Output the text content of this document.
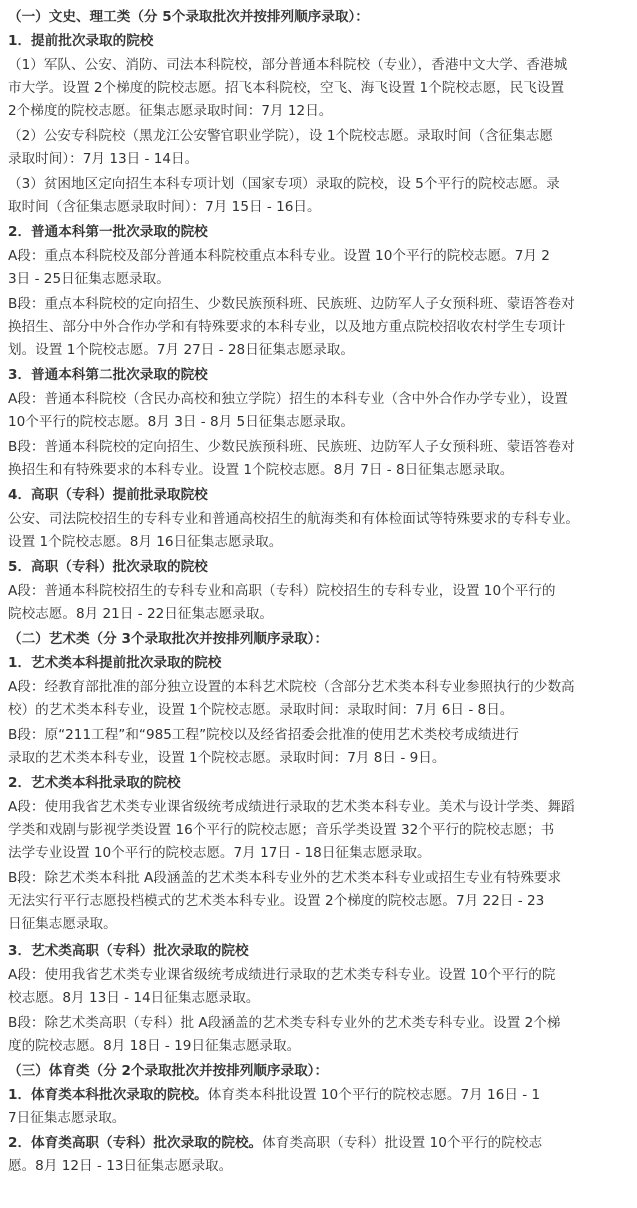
（一）文史、理工类（分 5个录取批次并按排列顺序录取）：
1．提前批次录取的院校
（1）军队、公安、消防、司法本科院校，部分普通本科院校（专业），香港中文大学、香港城
市大学。设置 2个梯度的院校志愿。招飞本科院校，空飞、海飞设置 1个院校志愿，民飞设置
2个梯度的院校志愿。征集志愿录取时间：7月 12日。
（2）公安专科院校（黑龙江公安警官职业学院），设 1个院校志愿。录取时间（含征集志愿
录取时间）：7月 13日 - 14日。
（3）贫困地区定向招生本科专项计划（国家专项）录取的院校，设 5个平行的院校志愿。录
取时间（含征集志愿录取时间）：7月 15日 - 16日。
2．普通本科第一批次录取的院校
A段：重点本科院校及部分普通本科院校重点本科专业。设置 10个平行的院校志愿。7月 2
3日 - 25日征集志愿录取。
B段：重点本科院校的定向招生、少数民族预科班、民族班、边防军人子女预科班、蒙语答卷对
换招生、部分中外合作办学和有特殊要求的本科专业，以及地方重点院校招收农村学生专项计
划。设置 1个院校志愿。7月 27日 - 28日征集志愿录取。
3．普通本科第二批次录取的院校
A段：普通本科院校（含民办高校和独立学院）招生的本科专业（含中外合作办学专业），设置
10个平行的院校志愿。8月 3日 - 8月 5日征集志愿录取。
B段：普通本科院校的定向招生、少数民族预科班、民族班、边防军人子女预科班、蒙语答卷对
换招生和有特殊要求的本科专业。设置 1个院校志愿。8月 7日 - 8日征集志愿录取。
4．高职（专科）提前批录取院校
公安、司法院校招生的专科专业和普通高校招生的航海类和有体检面试等特殊要求的专科专业。
设置 1个院校志愿。8月 16日征集志愿录取。
5．高职（专科）批次录取的院校
A段：普通本科院校招生的专科专业和高职（专科）院校招生的专科专业，设置 10个平行的
院校志愿。8月 21日 - 22日征集志愿录取。
（二）艺术类（分 3个录取批次并按排列顺序录取）：
1．艺术类本科提前批次录取的院校
A段：经教育部批准的部分独立设置的本科艺术院校（含部分艺术类本科专业参照执行的少数高
校）的艺术类本科专业，设置 1个院校志愿。录取时间：录取时间：7月 6日 - 8日。
B段：原“211工程”和“985工程”院校以及经省招委会批准的使用艺术类校考成绩进行
录取的艺术类本科专业，设置 1个院校志愿。录取时间：7月 8日 - 9日。
2．艺术类本科批录取的院校
A段：使用我省艺术类专业课省级统考成绩进行录取的艺术类本科专业。美术与设计学类、舞蹈
学类和戏剧与影视学类设置 16个平行的院校志愿；音乐学类设置 32个平行的院校志愿；书
法学专业设置 10个平行的院校志愿。7月 17日 - 18日征集志愿录取。
B段：除艺术类本科批 A段涵盖的艺术类本科专业外的艺术类本科专业或招生专业有特殊要求
无法实行平行志愿投档模式的艺术类本科专业。设置 2个梯度的院校志愿。7月 22日 - 23
日征集志愿录取。
3．艺术类高职（专科）批次录取的院校
A段：使用我省艺术类专业课省级统考成绩进行录取的艺术类专科专业。设置 10个平行的院
校志愿。8月 13日 - 14日征集志愿录取。
B段：除艺术类高职（专科）批 A段涵盖的艺术类专科专业外的艺术类专科专业。设置 2个梯
度的院校志愿。8月 18日 - 19日征集志愿录取。
（三）体育类（分 2个录取批次并按排列顺序录取）：
1．体育类本科批次录取的院校。体育类本科批设置 10个平行的院校志愿。7月 16日 - 1
7日征集志愿录取。
2．体育类高职（专科）批次录取的院校。体育类高职（专科）批设置 10个平行的院校志
愿。8月 12日 - 13日征集志愿录取。
